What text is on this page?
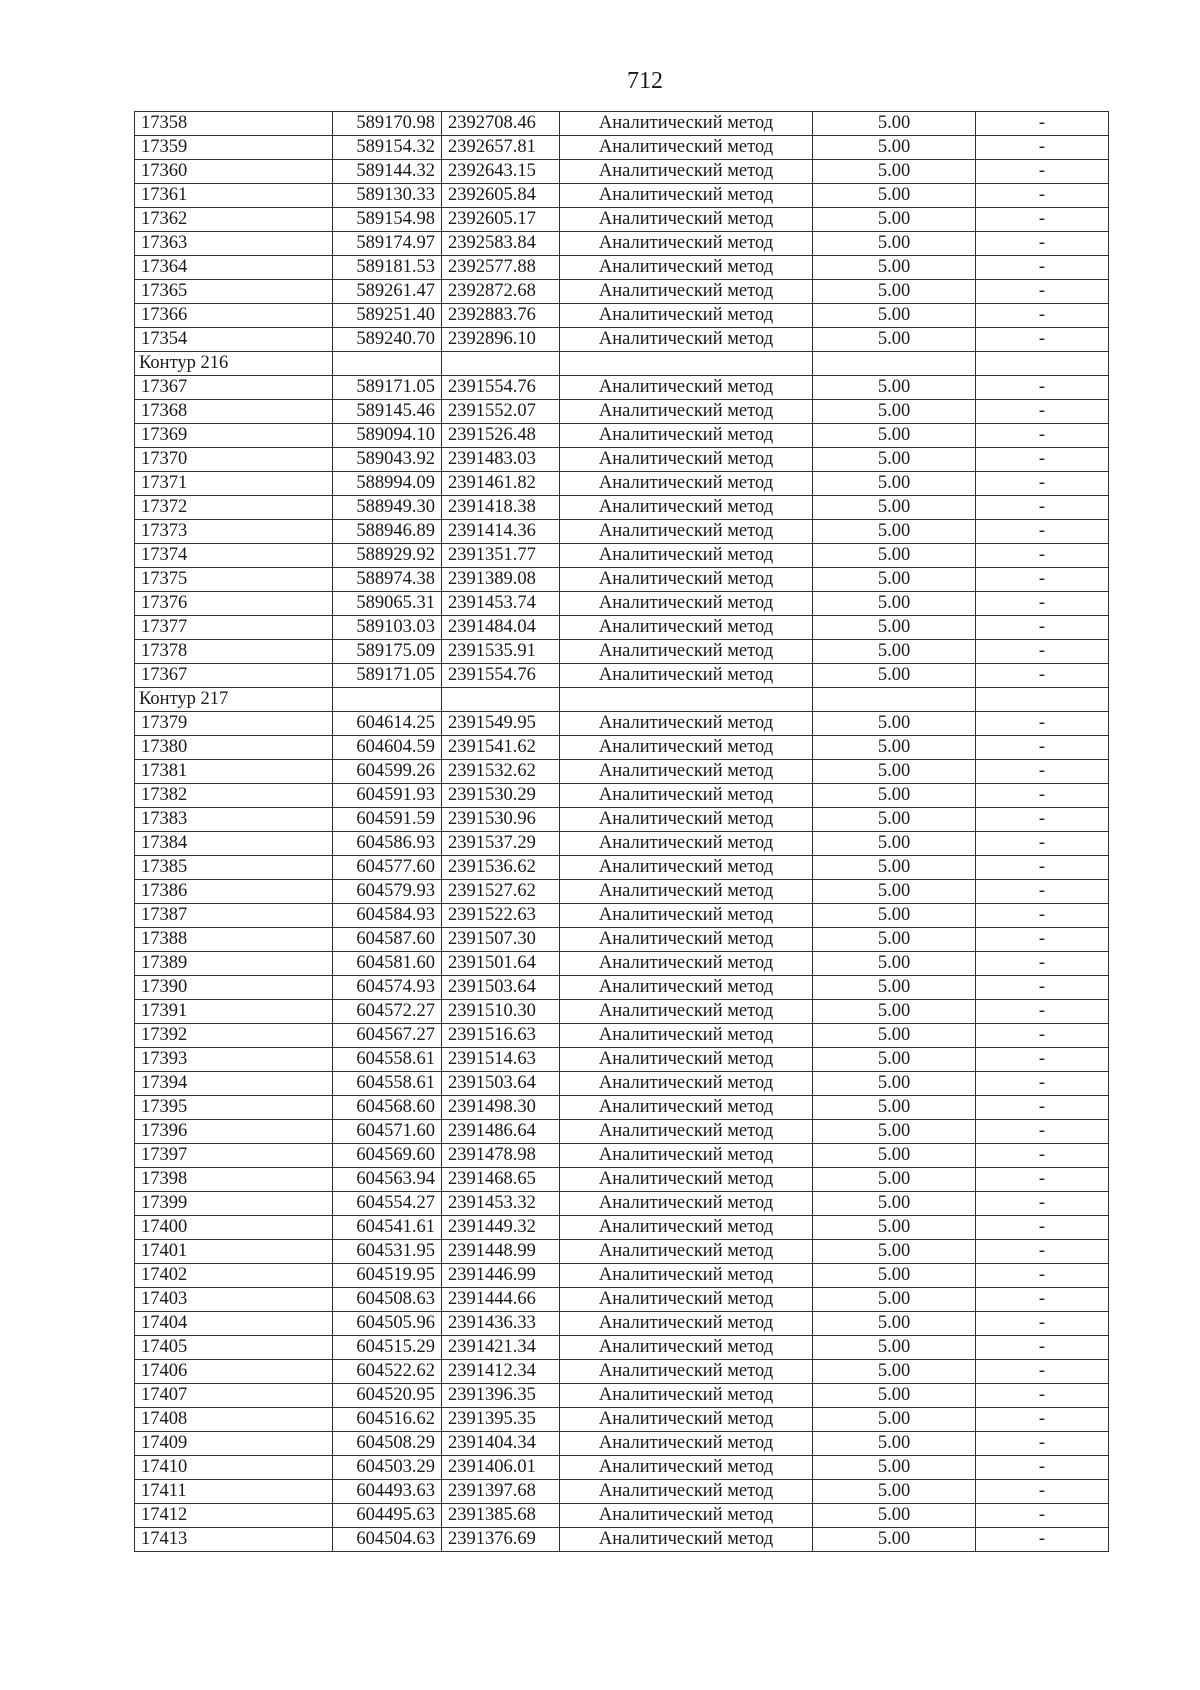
712
17358	589170.98	2392708.46	Аналитический метод	5.00	-
17359	589154.32	2392657.81	Аналитический метод	5.00	-
17360	589144.32	2392643.15	Аналитический метод	5.00	-
17361	589130.33	2392605.84	Аналитический метод	5.00	-
17362	589154.98	2392605.17	Аналитический метод	5.00	-
17363	589174.97	2392583.84	Аналитический метод	5.00	-
17364	589181.53	2392577.88	Аналитический метод	5.00	-
17365	589261.47	2392872.68	Аналитический метод	5.00	-
17366	589251.40	2392883.76	Аналитический метод	5.00	-
17354	589240.70	2392896.10	Аналитический метод	5.00	-
Контур 216					
17367	589171.05	2391554.76	Аналитический метод	5.00	-
17368	589145.46	2391552.07	Аналитический метод	5.00	-
17369	589094.10	2391526.48	Аналитический метод	5.00	-
17370	589043.92	2391483.03	Аналитический метод	5.00	-
17371	588994.09	2391461.82	Аналитический метод	5.00	-
17372	588949.30	2391418.38	Аналитический метод	5.00	-
17373	588946.89	2391414.36	Аналитический метод	5.00	-
17374	588929.92	2391351.77	Аналитический метод	5.00	-
17375	588974.38	2391389.08	Аналитический метод	5.00	-
17376	589065.31	2391453.74	Аналитический метод	5.00	-
17377	589103.03	2391484.04	Аналитический метод	5.00	-
17378	589175.09	2391535.91	Аналитический метод	5.00	-
17367	589171.05	2391554.76	Аналитический метод	5.00	-
Контур 217					
17379	604614.25	2391549.95	Аналитический метод	5.00	-
17380	604604.59	2391541.62	Аналитический метод	5.00	-
17381	604599.26	2391532.62	Аналитический метод	5.00	-
17382	604591.93	2391530.29	Аналитический метод	5.00	-
17383	604591.59	2391530.96	Аналитический метод	5.00	-
17384	604586.93	2391537.29	Аналитический метод	5.00	-
17385	604577.60	2391536.62	Аналитический метод	5.00	-
17386	604579.93	2391527.62	Аналитический метод	5.00	-
17387	604584.93	2391522.63	Аналитический метод	5.00	-
17388	604587.60	2391507.30	Аналитический метод	5.00	-
17389	604581.60	2391501.64	Аналитический метод	5.00	-
17390	604574.93	2391503.64	Аналитический метод	5.00	-
17391	604572.27	2391510.30	Аналитический метод	5.00	-
17392	604567.27	2391516.63	Аналитический метод	5.00	-
17393	604558.61	2391514.63	Аналитический метод	5.00	-
17394	604558.61	2391503.64	Аналитический метод	5.00	-
17395	604568.60	2391498.30	Аналитический метод	5.00	-
17396	604571.60	2391486.64	Аналитический метод	5.00	-
17397	604569.60	2391478.98	Аналитический метод	5.00	-
17398	604563.94	2391468.65	Аналитический метод	5.00	-
17399	604554.27	2391453.32	Аналитический метод	5.00	-
17400	604541.61	2391449.32	Аналитический метод	5.00	-
17401	604531.95	2391448.99	Аналитический метод	5.00	-
17402	604519.95	2391446.99	Аналитический метод	5.00	-
17403	604508.63	2391444.66	Аналитический метод	5.00	-
17404	604505.96	2391436.33	Аналитический метод	5.00	-
17405	604515.29	2391421.34	Аналитический метод	5.00	-
17406	604522.62	2391412.34	Аналитический метод	5.00	-
17407	604520.95	2391396.35	Аналитический метод	5.00	-
17408	604516.62	2391395.35	Аналитический метод	5.00	-
17409	604508.29	2391404.34	Аналитический метод	5.00	-
17410	604503.29	2391406.01	Аналитический метод	5.00	-
17411	604493.63	2391397.68	Аналитический метод	5.00	-
17412	604495.63	2391385.68	Аналитический метод	5.00	-
17413	604504.63	2391376.69	Аналитический метод	5.00	-
